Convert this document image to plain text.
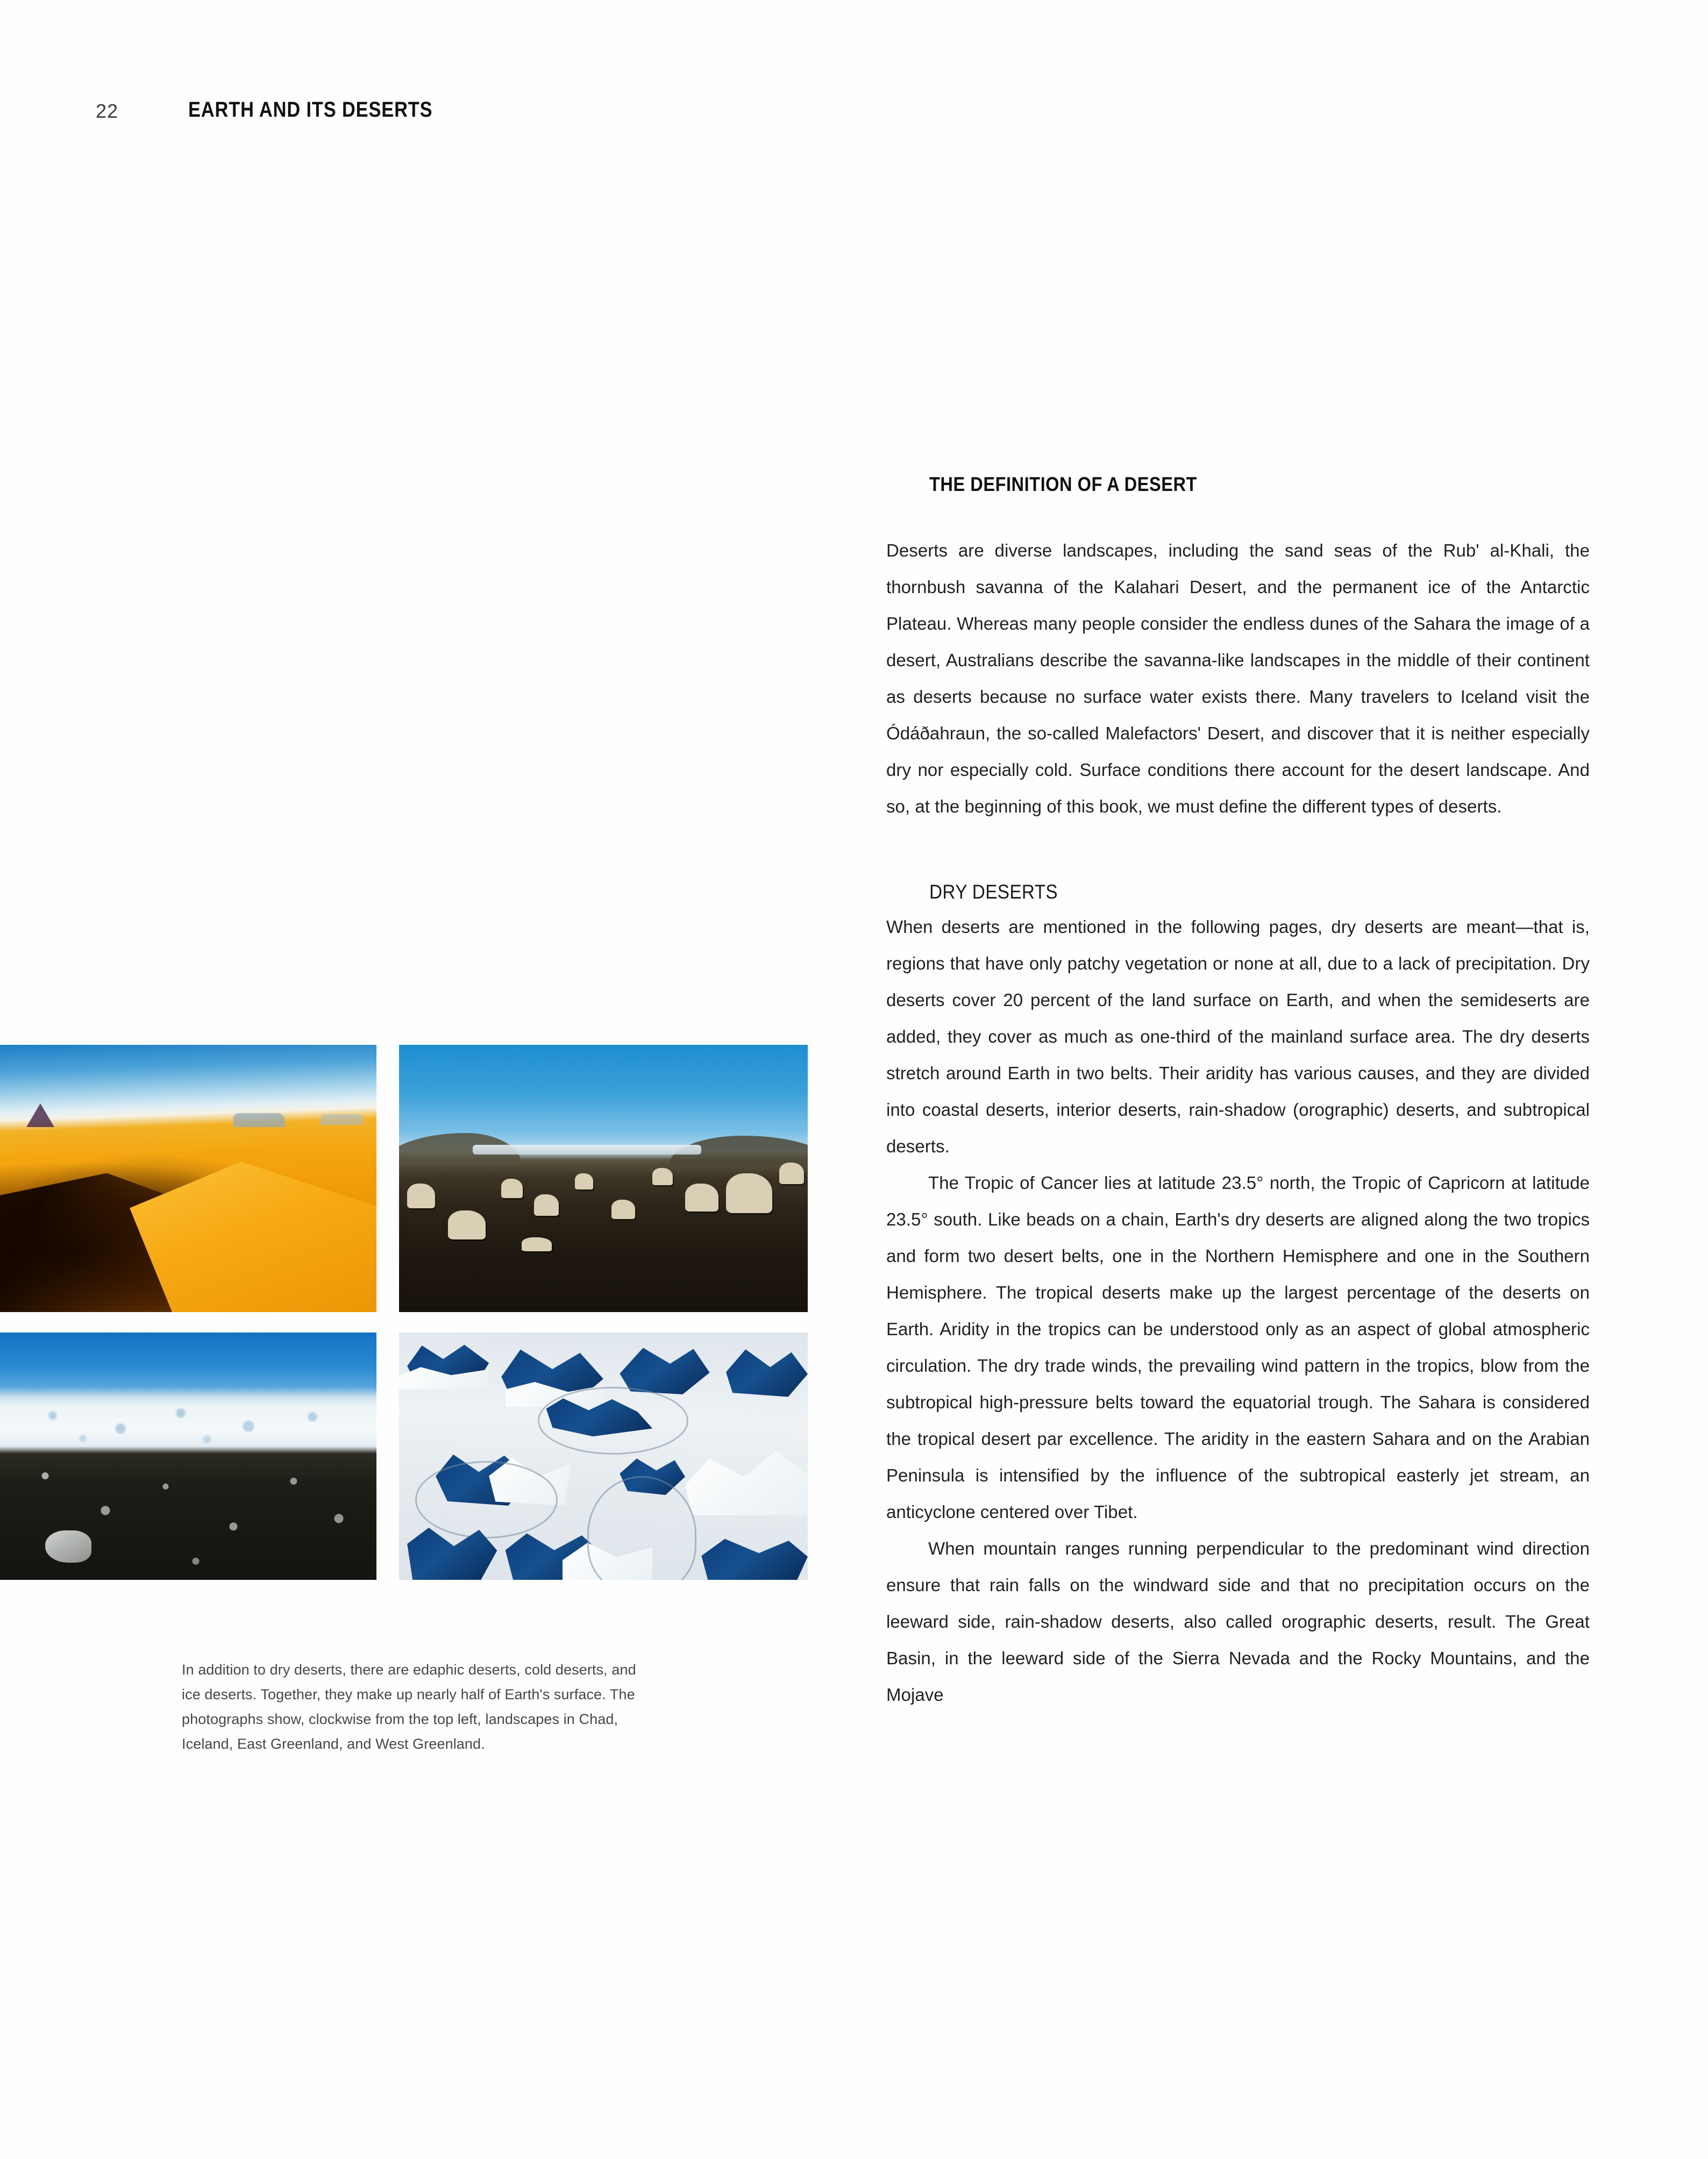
22	EARTH AND ITS DESERTS
In addition to dry deserts, there are edaphic deserts, cold deserts, and ice deserts. Together, they make up nearly half of Earth's surface. The photographs show, clockwise from the top left, landscapes in Chad, Iceland, East Greenland, and West Greenland.
THE DEFINITION OF A DESERT

Deserts are diverse landscapes, including the sand seas of the Rub' al-Khali, the thornbush savanna of the Kalahari Desert, and the permanent ice of the Antarctic Plateau. Whereas many people consider the endless dunes of the Sahara the image of a desert, Australians describe the savanna-like landscapes in the middle of their continent as deserts because no surface water exists there. Many travelers to Iceland visit the Ódáðahraun, the so-called Malefactors' Desert, and discover that it is neither especially dry nor especially cold. Surface conditions there account for the desert landscape. And so, at the beginning of this book, we must define the different types of deserts.

DRY DESERTS

When deserts are mentioned in the following pages, dry deserts are meant—that is, regions that have only patchy vegetation or none at all, due to a lack of precipitation. Dry deserts cover 20 percent of the land surface on Earth, and when the semideserts are added, they cover as much as one-third of the mainland surface area. The dry deserts stretch around Earth in two belts. Their aridity has various causes, and they are divided into coastal deserts, interior deserts, rain-shadow (orographic) deserts, and subtropical deserts.

The Tropic of Cancer lies at latitude 23.5° north, the Tropic of Capricorn at latitude 23.5° south. Like beads on a chain, Earth's dry deserts are aligned along the two tropics and form two desert belts, one in the Northern Hemisphere and one in the Southern Hemisphere. The tropical deserts make up the largest percentage of the deserts on Earth. Aridity in the tropics can be understood only as an aspect of global atmospheric circulation. The dry trade winds, the prevailing wind pattern in the tropics, blow from the subtropical high-pressure belts toward the equatorial trough. The Sahara is considered the tropical desert par excellence. The aridity in the eastern Sahara and on the Arabian Peninsula is intensified by the influence of the subtropical easterly jet stream, an anticyclone centered over Tibet.

When mountain ranges running perpendicular to the predominant wind direction ensure that rain falls on the windward side and that no precipitation occurs on the leeward side, rain-shadow deserts, also called orographic deserts, result. The Great Basin, in the leeward side of the Sierra Nevada and the Rocky Mountains, and the Mojave
